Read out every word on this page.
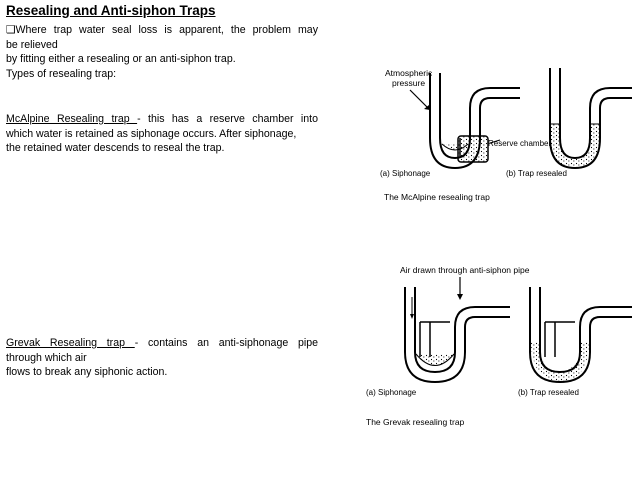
Resealing and Anti-siphon Traps
❑Where trap water seal loss is apparent, the problem may
be relieved
by fitting either a resealing or an anti-siphon trap.
Types of resealing trap:
McAlpine Resealing trap - this has a reserve chamber into
which water is retained as siphonage occurs. After siphonage,
the retained water descends to reseal the trap.
Grevak Resealing trap - contains an anti-siphonage pipe
through which air
flows to break any siphonic action.
Atmospheric
pressure
Reserve chamber
(a) Siphonage	(b) Trap resealed
The McAlpine resealing trap
Air drawn through anti-siphon pipe
(a) Siphonage	(b) Trap resealed
The Grevak resealing trap
